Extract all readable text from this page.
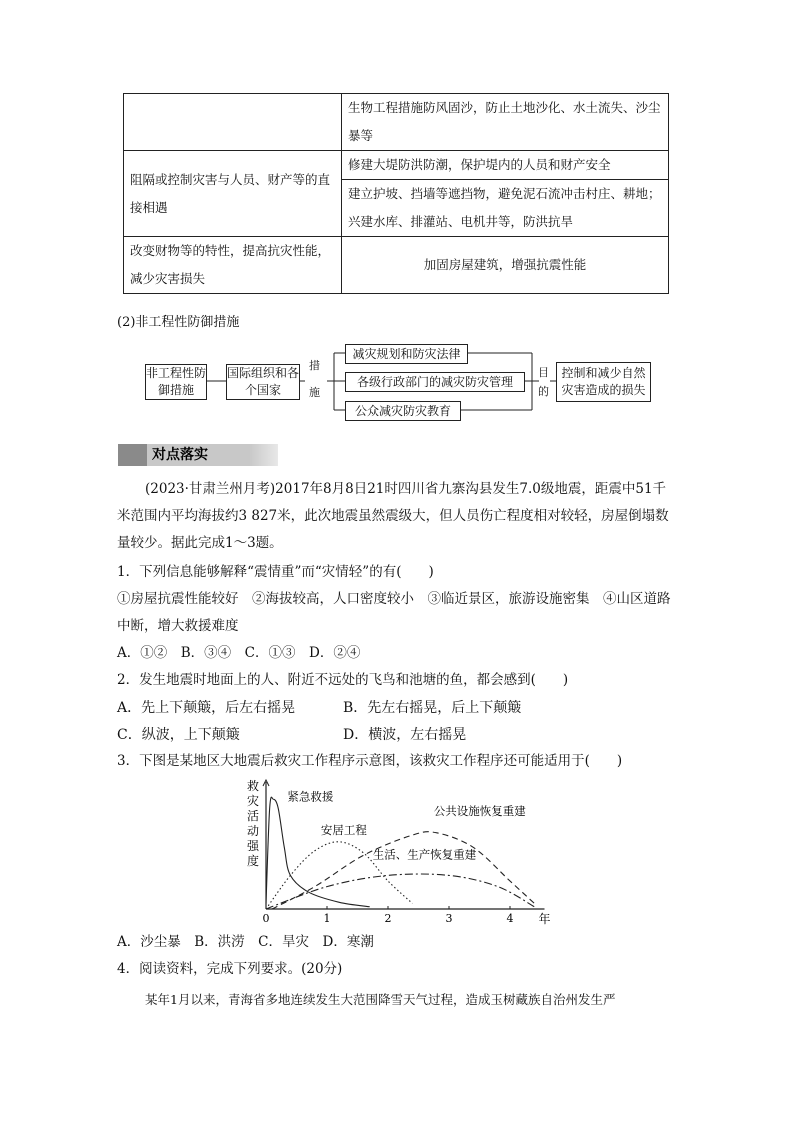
	生物工程措施防风固沙，防止土地沙化、水土流失、沙尘暴等
阻隔或控制灾害与人员、财产等的直接相遇	修建大堤防洪防潮，保护堤内的人员和财产安全
	建立护坡、挡墙等遮挡物，避免泥石流冲击村庄、耕地；兴建水库、排灌站、电机井等，防洪抗旱
改变财物等的特性，提高抗灾性能，减少灾害损失	加固房屋建筑，增强抗震性能
(2)非工程性防御措施
非工程性防御措施
国际组织和各个国家
措
施
减灾规划和防灾法律
各级行政部门的减灾防灾管理
公众减灾防灾教育
目
的
控制和减少自然灾害造成的损失
对点落实
(2023·甘肃兰州月考)2017年8月8日21时四川省九寨沟县发生7.0级地震，距震中51千米范围内平均海拔约3 827米，此次地震虽然震级大，但人员伤亡程度相对较轻，房屋倒塌数量较少。据此完成1～3题。
1．下列信息能够解释“震情重”而“灾情轻”的有(　　)
①房屋抗震性能较好　②海拔较高，人口密度较小　③临近景区，旅游设施密集　④山区道路中断，增大救援难度
A．①②　B．③④　C．①③　D．②④
2．发生地震时地面上的人、附近不远处的飞鸟和池塘的鱼，都会感到(　　)
A．先上下颠簸，后左右摇晃	B．先左右摇晃，后上下颠簸
C．纵波，上下颠簸	D．横波，左右摇晃
3．下图是某地区大地震后救灾工作程序示意图，该救灾工作程序还可能适用于(　　)
救
灾
活
动
强
度
0	1	2	3	4 年
紧急救援
安居工程
公共设施恢复重建
生活、生产恢复重建
A．沙尘暴　B．洪涝　C．旱灾　D．寒潮
4．阅读资料，完成下列要求。(20分)
某年1月以来，青海省多地连续发生大范围降雪天气过程，造成玉树藏族自治州发生严
